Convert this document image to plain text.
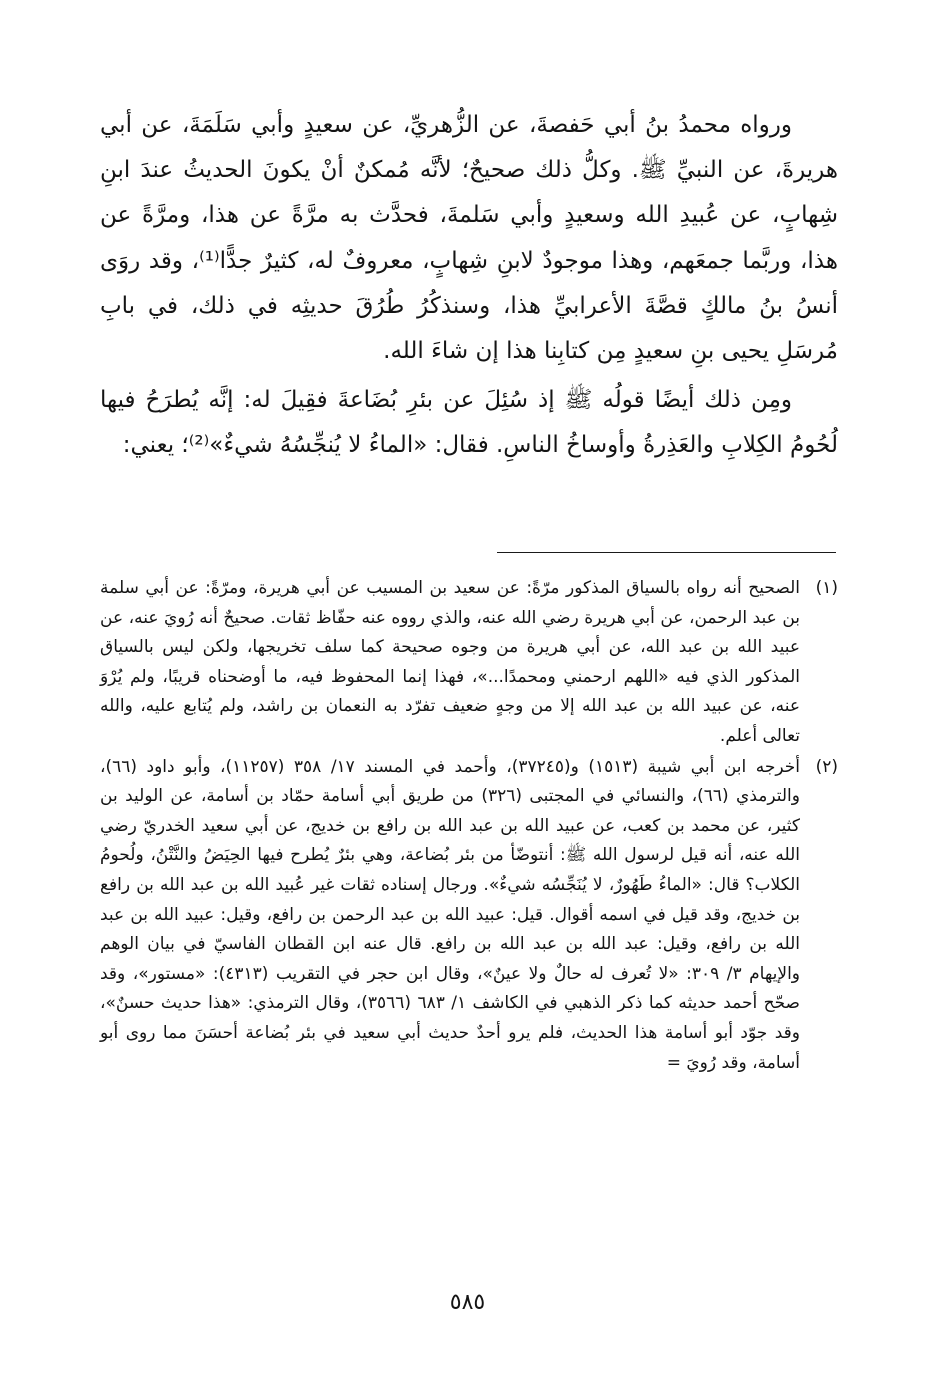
ورواه محمدُ بنُ أبي حَفصةَ، عن الزُّهريِّ، عن سعيدٍ وأبي سَلَمَةَ، عن أبي هريرةَ، عن النبيِّ ﷺ. وكلُّ ذلك صحيحٌ؛ لأنَّه مُمكنٌ أنْ يكونَ الحديثُ عندَ ابنِ شِهابٍ، عن عُبيدِ الله وسعيدٍ وأبي سَلمةَ، فحدَّث به مرَّةً عن هذا، ومرَّةً عن هذا، وربَّما جمعَهم، وهذا موجودٌ لابنِ شِهابٍ، معروفٌ له، كثيرٌ جدًّا⁽¹⁾، وقد روَى أنسُ بنُ مالكٍ قصَّةَ الأعرابيِّ هذا، وسنذكُرُ طُرُقَ حديثِه في ذلك، في بابِ مُرسَلِ يحيى بنِ سعيدٍ مِن كتابِنا هذا إن شاءَ الله.

ومِن ذلك أيضًا قولُه ﷺ إذ سُئِلَ عن بئرِ بُضَاعةَ فقِيلَ له: إنَّه يُطرَحُ فيها لُحُومُ الكِلابِ والعَذِرةُ وأوساخُ الناسِ. فقال: «الماءُ لا يُنجِّسُهُ شيءٌ»⁽²⁾؛ يعني:

(١)
الصحيح أنه رواه بالسياق المذكور مرّةً: عن سعيد بن المسيب عن أبي هريرة، ومرّةً: عن أبي سلمة بن عبد الرحمن، عن أبي هريرة رضي الله عنه، والذي رووه عنه حفّاظ ثقات. صحيحٌ أنه رُويَ عنه، عن عبيد الله بن عبد الله، عن أبي هريرة من وجوه صحيحة كما سلف تخريجها، ولكن ليس بالسياق المذكور الذي فيه «اللهم ارحمني ومحمدًا...»، فهذا إنما المحفوظ فيه، ما أوضحناه قريبًا، ولم يُرْوَ عنه، عن عبيد الله بن عبد الله إلا من وجهٍ ضعيف تفرّد به النعمان بن راشد، ولم يُتابع عليه، والله تعالى أعلم.
(٢)
أخرجه ابن أبي شيبة (١٥١٣) و(٣٧٢٤٥)، وأحمد في المسند ١٧/ ٣٥٨ (١١٢٥٧)، وأبو داود (٦٦)، والترمذي (٦٦)، والنسائي في المجتبى (٣٢٦) من طريق أبي أسامة حمّاد بن أسامة، عن الوليد بن كثير، عن محمد بن كعب، عن عبيد الله بن عبد الله بن رافع بن خديج، عن أبي سعيد الخدريّ رضي الله عنه، أنه قيل لرسول الله ﷺ: أنتوضّأ من بئر بُضاعة، وهي بئرٌ يُطرح فيها الحِيَضُ والنَّتْنُ، ولُحومُ الكلاب؟ قال: «الماءُ طَهُورٌ، لا يُنَجِّسُه شيءٌ». ورجال إسناده ثقات غير عُبيد الله بن عبد الله بن رافع بن خديج، وقد قيل في اسمه أقوال. قيل: عبيد الله بن عبد الرحمن بن رافع، وقيل: عبيد الله بن عبد الله بن رافع، وقيل: عبد الله بن عبد الله بن رافع. قال عنه ابن القطان الفاسيّ في بيان الوهم والإيهام ٣/ ٣٠٩: «لا تُعرف له حالٌ ولا عينٌ»، وقال ابن حجر في التقريب (٤٣١٣): «مستور»، وقد صحّح أحمد حديثه كما ذكر الذهبي في الكاشف ١/ ٦٨٣ (٣٥٦٦)، وقال الترمذي: «هذا حديث حسنٌ»، وقد جوّد أبو أسامة هذا الحديث، فلم يرو أحدٌ حديث أبي سعيد في بئر بُضاعة أحسَنَ مما روى أبو أسامة، وقد رُويَ =
٥٨٥
